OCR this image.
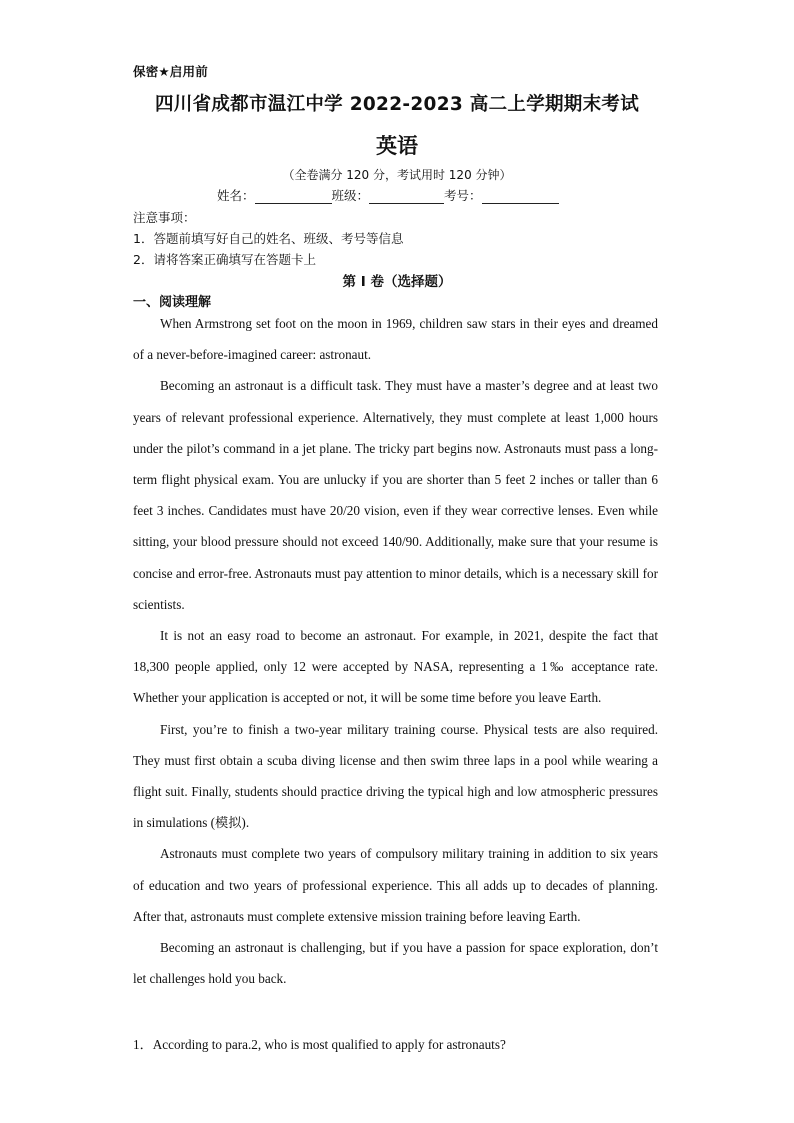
保密★启用前
四川省成都市温江中学 2022-2023 高二上学期期末考试
英语
（全卷满分 120 分，考试用时 120 分钟）
姓名：	班级：	考号：
注意事项：
1．答题前填写好自己的姓名、班级、考号等信息
2．请将答案正确填写在答题卡上
第 I 卷（选择题）
一、阅读理解

When Armstrong set foot on the moon in 1969, children saw stars in their eyes and dreamed of a never-before-imagined career: astronaut.

Becoming an astronaut is a difficult task. They must have a master’s degree and at least two years of relevant professional experience. Alternatively, they must complete at least 1,000 hours under the pilot’s command in a jet plane. The tricky part begins now. Astronauts must pass a long-term flight physical exam. You are unlucky if you are shorter than 5 feet 2 inches or taller than 6 feet 3 inches. Candidates must have 20/20 vision, even if they wear corrective lenses. Even while sitting, your blood pressure should not exceed 140/90. Additionally, make sure that your resume is concise and error-free. Astronauts must pay attention to minor details, which is a necessary skill for scientists.

It is not an easy road to become an astronaut. For example, in 2021, despite the fact that 18,300 people applied, only 12 were accepted by NASA, representing a 1‰ acceptance rate. Whether your application is accepted or not, it will be some time before you leave Earth.

First, you’re to finish a two-year military training course. Physical tests are also required. They must first obtain a scuba diving license and then swim three laps in a pool while wearing a flight suit. Finally, students should practice driving the typical high and low atmospheric pressures in simulations (模拟).

Astronauts must complete two years of compulsory military training in addition to six years of education and two years of professional experience. This all adds up to decades of planning. After that, astronauts must complete extensive mission training before leaving Earth.

Becoming an astronaut is challenging, but if you have a passion for space exploration, don’t let challenges hold you back.

1．According to para.2, who is most qualified to apply for astronauts?
